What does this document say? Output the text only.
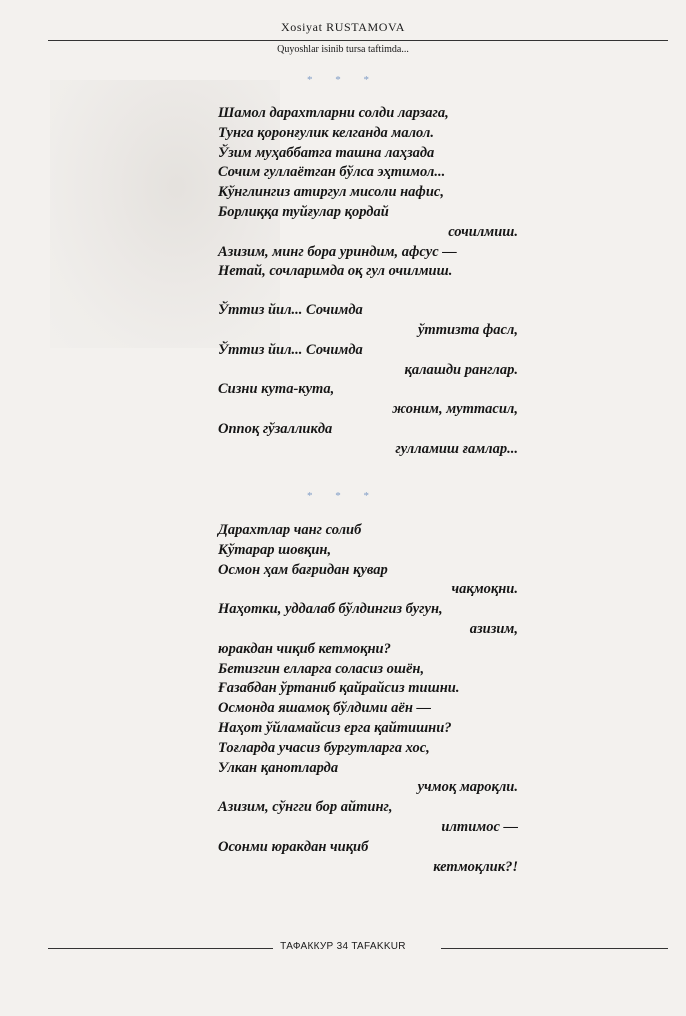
Xosiyat RUSTAMOVA
Quyoshlar isinib tursa taftimda...
* * *
Шамол дарахтларни солди ларзага,
Тунга қоронғулик келганда малол.
Ўзим муҳаббатга ташна лаҳзада
Сочим гуллаётган бўлса эҳтимол...
Кўнглингиз атиргул мисоли нафис,
Борлиққа туйғулар қордай
сочилмиш.
Азизим, минг бора уриндим, афсус —
Нетай, сочларимда оқ гул очилмиш.
Ўттиз йил... Сочимда
ўттизта фасл,
Ўттиз йил... Сочимда
қалашди ранглар.
Сизни кута-кута,
жоним, муттасил,
Оппоқ гўзалликда
гулламиш ғамлар...
* * *
Дарахтлар чанг солиб
Кўтарар шовқин,
Осмон ҳам бағридан қувар
чақмоқни.
Наҳотки, уддалаб бўлдингиз бугун,
азизим,
юракдан чиқиб кетмоқни?
Бетизгин елларга соласиз ошён,
Ғазабдан ўртаниб қайрайсиз тишни.
Осмонда яшамоқ бўлдими аён —
Наҳот ўйламайсиз ерга қайтишни?
Тоғларда учасиз бургутларга хос,
Улкан қанотларда
учмоқ мароқли.
Азизим, сўнгги бор айтинг,
илтимос —
Осонми юракдан чиқиб
кетмоқлик?!
ТАФАККУР 34 TAFAKKUR
